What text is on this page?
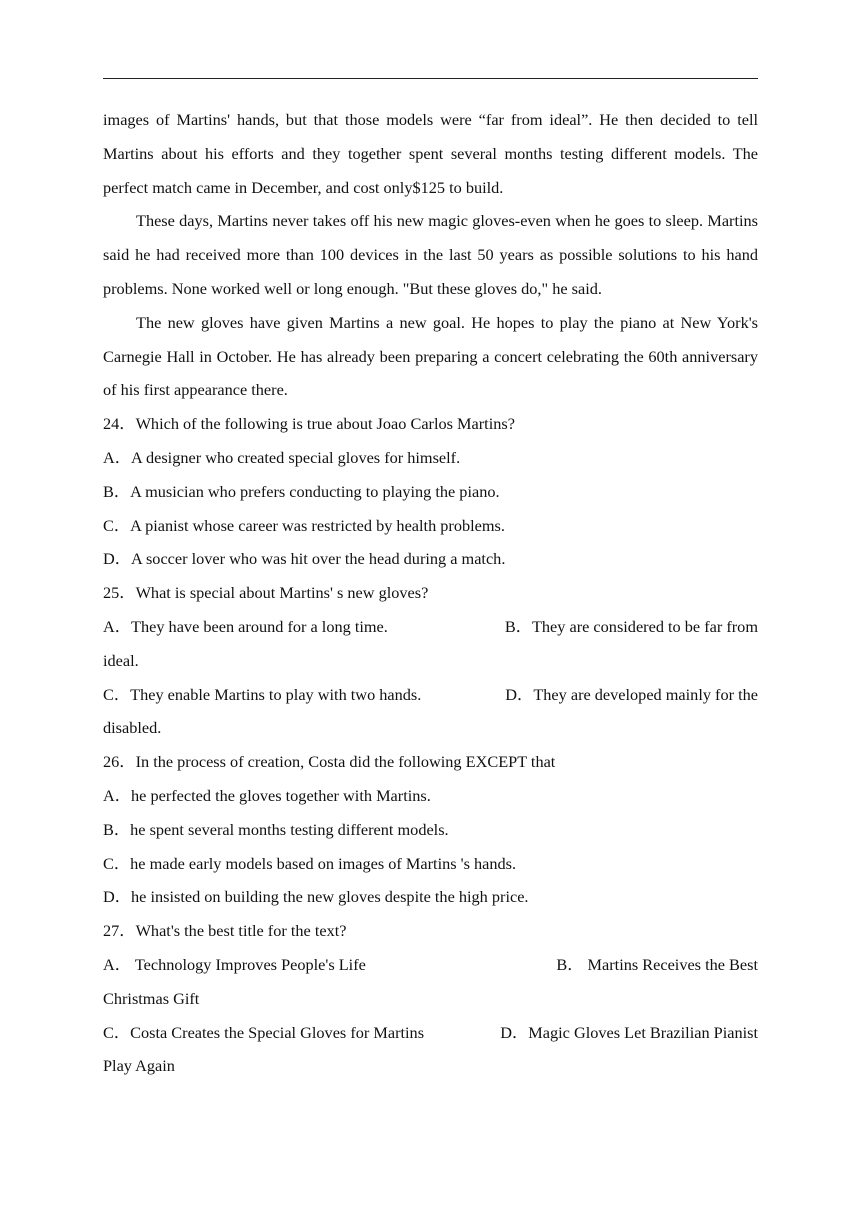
images of Martins' hands, but that those models were “far from ideal”. He then decided to tell Martins about his efforts and they together spent several months testing different models. The perfect match came in December, and cost only$125 to build.

These days, Martins never takes off his new magic gloves-even when he goes to sleep. Martins said he had received more than 100 devices in the last 50 years as possible solutions to his hand problems. None worked well or long enough. "But these gloves do," he said.

The new gloves have given Martins a new goal. He hopes to play the piano at New York's Carnegie Hall in October. He has already been preparing a concert celebrating the 60th anniversary of his first appearance there.

24．Which of the following is true about Joao Carlos Martins?

A．A designer who created special gloves for himself.

B．A musician who prefers conducting to playing the piano.

C．A pianist whose career was restricted by health problems.

D．A soccer lover who was hit over the head during a match.

25．What is special about Martins' s new gloves?

A．They have been around for a long time.	B．They are considered to be far from

ideal.

C．They enable Martins to play with two hands.	D．They are developed mainly for the

disabled.

26．In the process of creation, Costa did the following EXCEPT that

A．he perfected the gloves together with Martins.

B．he spent several months testing different models.

C．he made early models based on images of Martins 's hands.

D．he insisted on building the new gloves despite the high price.

27．What's the best title for the text?

A． Technology Improves People's Life	B． Martins Receives the Best

Christmas Gift

C．Costa Creates the Special Gloves for Martins	D．Magic Gloves Let Brazilian Pianist

Play Again
